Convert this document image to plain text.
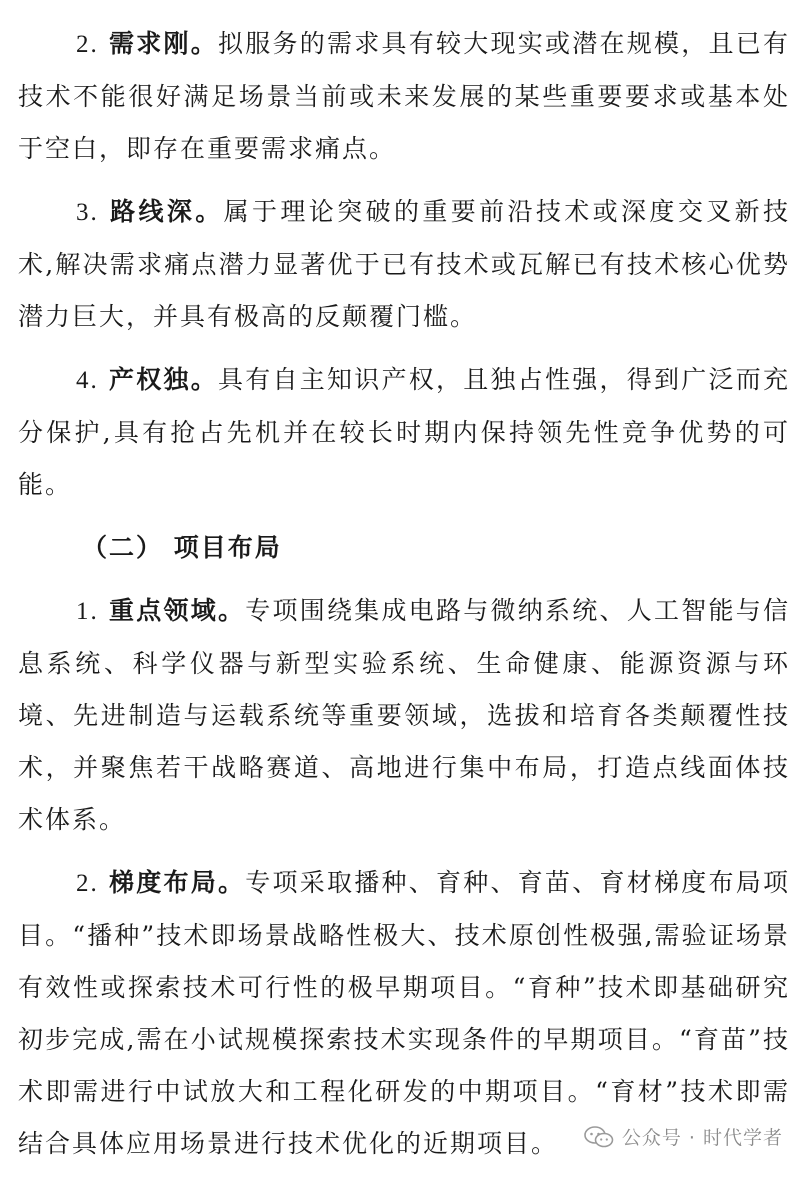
2. 需求刚。拟服务的需求具有较大现实或潜在规模，且已有技术不能很好满足场景当前或未来发展的某些重要要求或基本处于空白，即存在重要需求痛点。

3. 路线深。属于理论突破的重要前沿技术或深度交叉新技术,解决需求痛点潜力显著优于已有技术或瓦解已有技术核心优势潜力巨大，并具有极高的反颠覆门槛。

4. 产权独。具有自主知识产权，且独占性强，得到广泛而充分保护,具有抢占先机并在较长时期内保持领先性竞争优势的可能。

（二） 项目布局

1. 重点领域。专项围绕集成电路与微纳系统、人工智能与信息系统、科学仪器与新型实验系统、生命健康、能源资源与环境、先进制造与运载系统等重要领域，选拔和培育各类颠覆性技术，并聚焦若干战略赛道、高地进行集中布局，打造点线面体技术体系。

2. 梯度布局。专项采取播种、育种、育苗、育材梯度布局项目。“播种”技术即场景战略性极大、技术原创性极强,需验证场景有效性或探索技术可行性的极早期项目。“育种”技术即基础研究初步完成,需在小试规模探索技术实现条件的早期项目。“育苗”技术即需进行中试放大和工程化研发的中期项目。“育材”技术即需结合具体应用场景进行技术优化的近期项目。	公众号 · 时代学者
